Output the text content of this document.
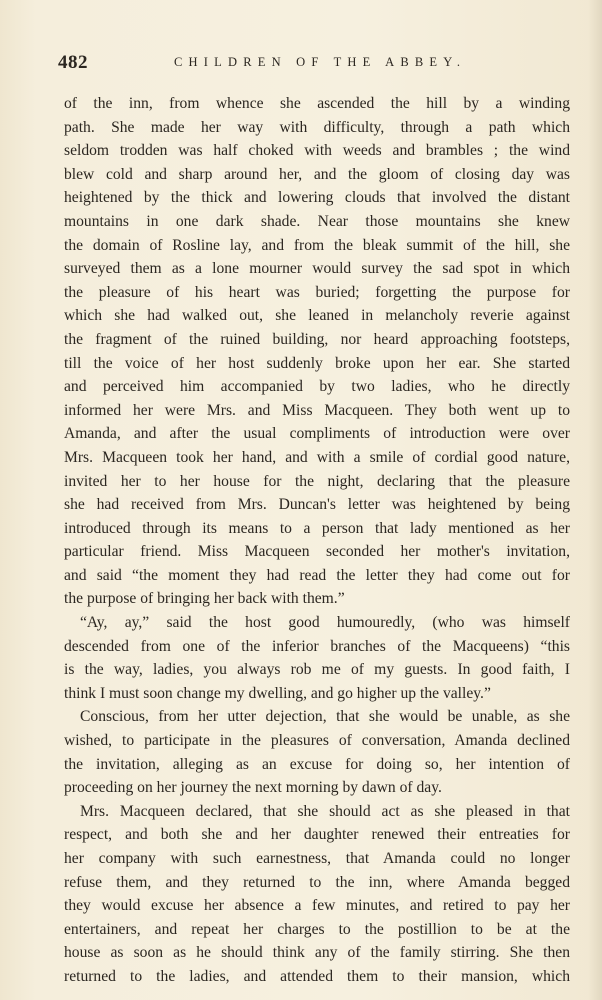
482	CHILDREN OF THE ABBEY.
of the inn, from whence she ascended the hill by a winding
path. She made her way with difficulty, through a path which
seldom trodden was half choked with weeds and brambles ; the wind
blew cold and sharp around her, and the gloom of closing day was
heightened by the thick and lowering clouds that involved the distant
mountains in one dark shade. Near those mountains she knew
the domain of Rosline lay, and from the bleak summit of the hill, she
surveyed them as a lone mourner would survey the sad spot in which
the pleasure of his heart was buried; forgetting the purpose for
which she had walked out, she leaned in melancholy reverie against
the fragment of the ruined building, nor heard approaching footsteps,
till the voice of her host suddenly broke upon her ear. She started
and perceived him accompanied by two ladies, who he directly
informed her were Mrs. and Miss Macqueen. They both went up to
Amanda, and after the usual compliments of introduction were over
Mrs. Macqueen took her hand, and with a smile of cordial good nature,
invited her to her house for the night, declaring that the pleasure
she had received from Mrs. Duncan's letter was heightened by being
introduced through its means to a person that lady mentioned as her
particular friend. Miss Macqueen seconded her mother's invitation,
and said “the moment they had read the letter they had come out for
the purpose of bringing her back with them.”
“Ay, ay,” said the host good humouredly, (who was himself
descended from one of the inferior branches of the Macqueens) “this
is the way, ladies, you always rob me of my guests. In good faith, I
think I must soon change my dwelling, and go higher up the valley.”
Conscious, from her utter dejection, that she would be unable, as she
wished, to participate in the pleasures of conversation, Amanda declined
the invitation, alleging as an excuse for doing so, her intention of
proceeding on her journey the next morning by dawn of day.
Mrs. Macqueen declared, that she should act as she pleased in that
respect, and both she and her daughter renewed their entreaties for
her company with such earnestness, that Amanda could no longer
refuse them, and they returned to the inn, where Amanda begged
they would excuse her absence a few minutes, and retired to pay her
entertainers, and repeat her charges to the postillion to be at the
house as soon as he should think any of the family stirring. She then
returned to the ladies, and attended them to their mansion, which
